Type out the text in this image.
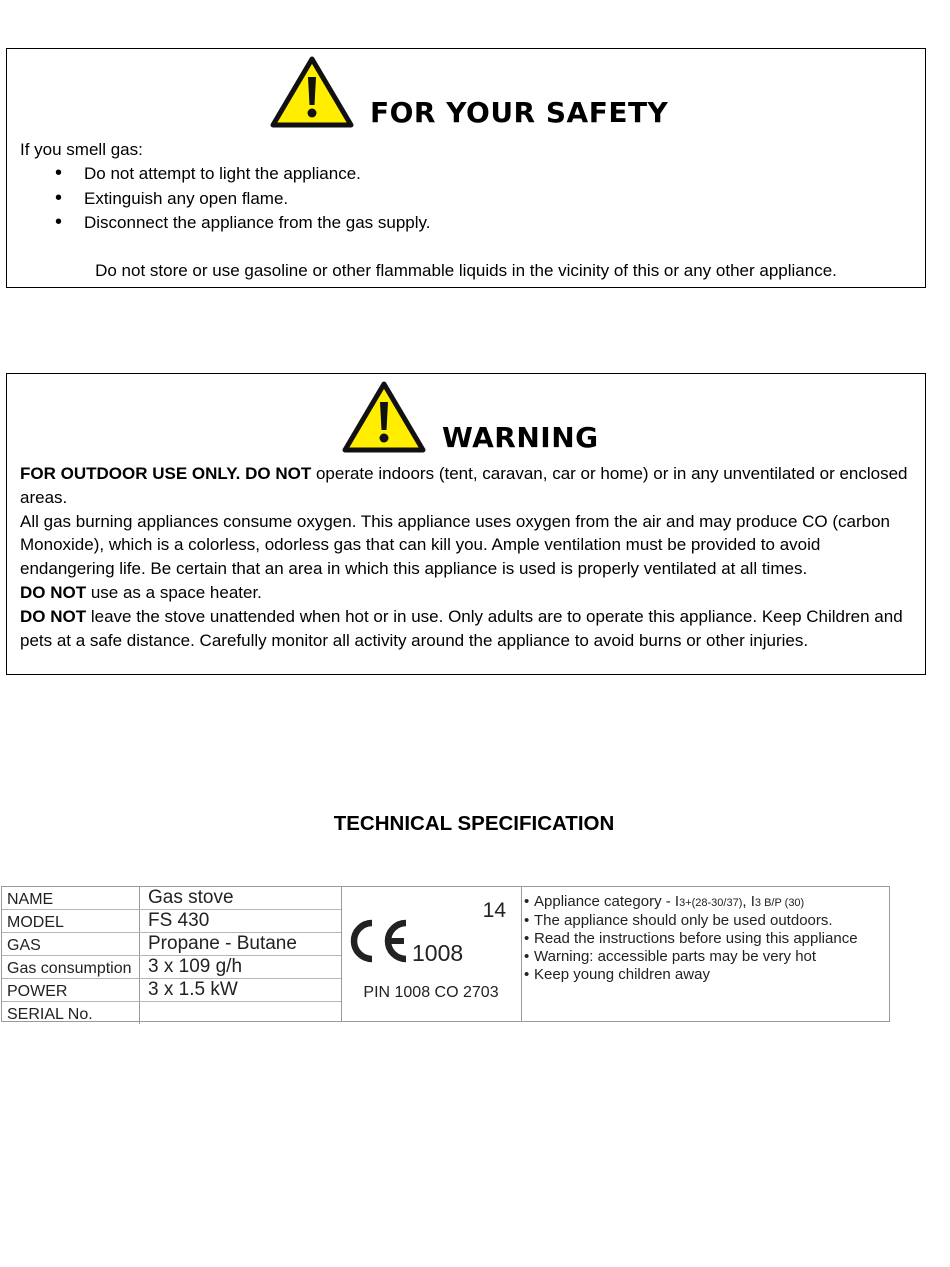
FOR YOUR SAFETY
If you smell gas:
• Do not attempt to light the appliance.
• Extinguish any open flame.
• Disconnect the appliance from the gas supply.
Do not store or use gasoline or other flammable liquids in the vicinity of this or any other appliance.
WARNING

FOR OUTDOOR USE ONLY. DO NOT operate indoors (tent, caravan, car or home) or in any unventilated or enclosed areas.

All gas burning appliances consume oxygen. This appliance uses oxygen from the air and may produce CO (carbon Monoxide), which is a colorless, odorless gas that can kill you. Ample ventilation must be provided to avoid endangering life. Be certain that an area in which this appliance is used is properly ventilated at all times.

DO NOT use as a space heater.

DO NOT leave the stove unattended when hot or in use. Only adults are to operate this appliance. Keep Children and pets at a safe distance. Carefully monitor all activity around the appliance to avoid burns or other injuries.

TECHNICAL SPECIFICATION
NAME	Gas stove
MODEL	FS 430
GAS	Propane - Butane
Gas consumption	3 x 109 g/h
POWER	3 x 1.5 kW
SERIAL No.	
14
1008
PIN 1008 CO 2703
• Appliance category - I3+(28-30/37), I3 B/P (30)
• The appliance should only be used outdoors.
• Read the instructions before using this appliance
• Warning: accessible parts may be very hot
• Keep young children away
